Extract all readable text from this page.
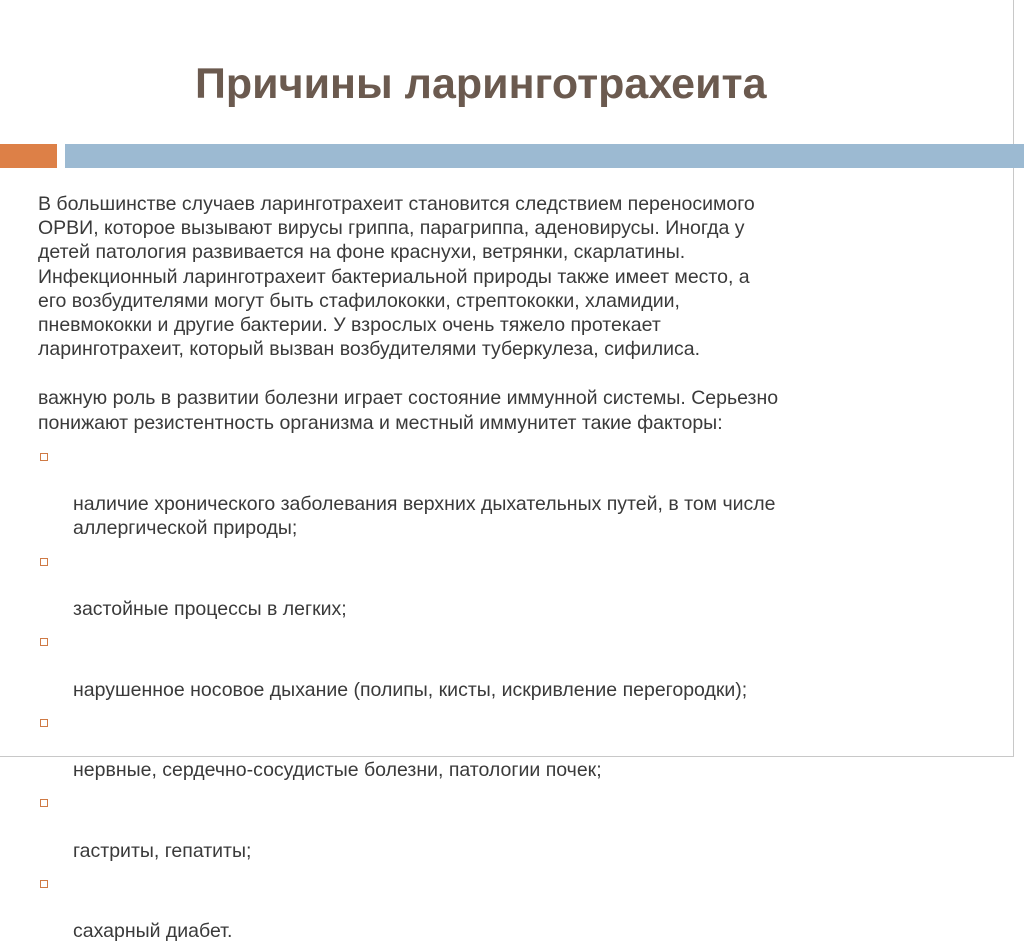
Причины ларинготрахеита

В большинстве случаев ларинготрахеит становится следствием переносимого
ОРВИ, которое вызывают вирусы гриппа, парагриппа, аденовирусы. Иногда у
детей патология развивается на фоне краснухи, ветрянки, скарлатины.
Инфекционный ларинготрахеит бактериальной природы также имеет место, а
его возбудителями могут быть стафилококки, стрептококки, хламидии,
пневмококки и другие бактерии. У взрослых очень тяжело протекает
ларинготрахеит, который вызван возбудителями туберкулеза, сифилиса.

важную роль в развитии болезни играет состояние иммунной системы. Серьезно
понижают резистентность организма и местный иммунитет такие факторы:

наличие хронического заболевания верхних дыхательных путей, в том числе
аллергической природы;

застойные процессы в легких;

нарушенное носовое дыхание (полипы, кисты, искривление перегородки);

нервные, сердечно-сосудистые болезни, патологии почек;

гастриты, гепатиты;

сахарный диабет.
